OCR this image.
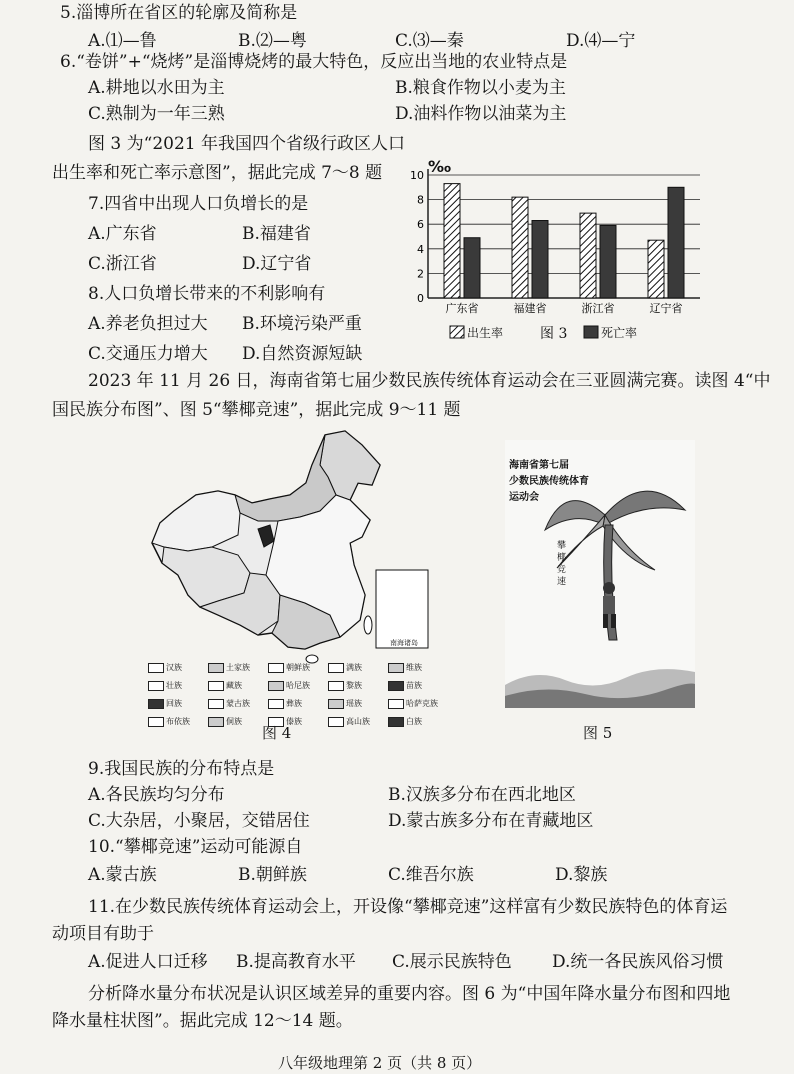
5.淄博所在省区的轮廓及简称是
A.⑴—鲁	B.⑵—粤	C.⑶—秦	D.⑷—宁
6.“卷饼”+“烧烤”是淄博烧烤的最大特色，反应出当地的农业特点是
A.耕地以水田为主	B.粮食作物以小麦为主
C.熟制为一年三熟	D.油料作物以油菜为主
图 3 为“2021 年我国四个省级行政区人口
出生率和死亡率示意图”，据此完成 7～8 题
7.四省中出现人口负增长的是
A.广东省	B.福建省
C.浙江省	D.辽宁省
8.人口负增长带来的不利影响有
A.养老负担过大 B.环境污染严重
C.交通压力增大 D.自然资源短缺
0
2
4
6
8
10
广东省	福建省	浙江省	辽宁省
‰
出生率	图 3	死亡率
2023 年 11 月 26 日，海南省第七届少数民族传统体育运动会在三亚圆满完赛。读图 4“中
国民族分布图”、图 5“攀椰竞速”，据此完成 9～11 题
南海诸岛
汉族	土家族	朝鲜族	满族	维族
壮族	藏族	哈尼族	黎族	苗族
回族	蒙古族	彝族	瑶族	哈萨克族
布依族	侗族	傣族	高山族	白族
图 4
海南省第七届
少数民族传统体育
运动会
攀
椰
竞
速
图 5
9.我国民族的分布特点是
A.各民族均匀分布	B.汉族多分布在西北地区
C.大杂居，小聚居，交错居住	D.蒙古族多分布在青藏地区
10.“攀椰竞速”运动可能源自
A.蒙古族	B.朝鲜族	C.维吾尔族	D.黎族
11.在少数民族传统体育运动会上，开设像“攀椰竞速”这样富有少数民族特色的体育运
动项目有助于
A.促进人口迁移 B.提高教育水平 C.展示民族特色 D.统一各民族风俗习惯
分析降水量分布状况是认识区域差异的重要内容。图 6 为“中国年降水量分布图和四地
降水量柱状图”。据此完成 12～14 题。
八年级地理第 2 页（共 8 页）
